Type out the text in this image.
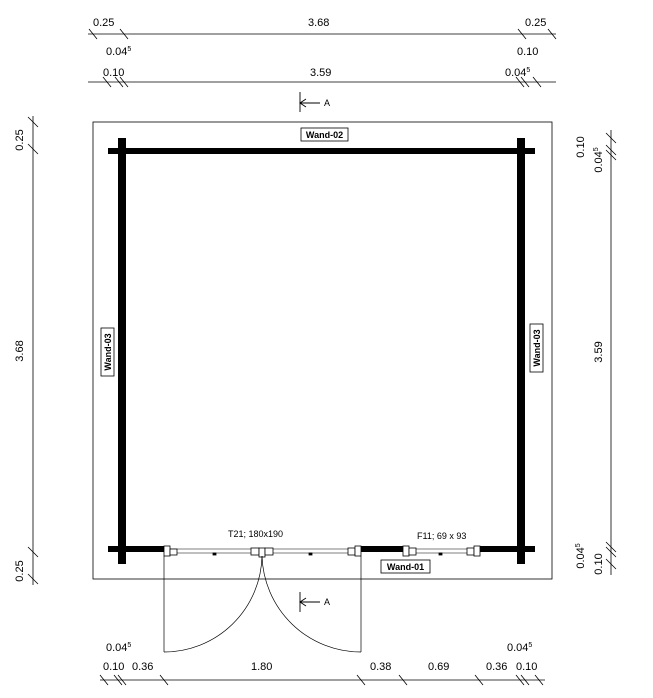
0.25	3.68	0.25
0.04$^5$	0.10
0.10	3.59	0.04$^5$
A
T21; 180x190	F11; 69 x 93
Wand-02
Wand-01
Wand-03	Wand-03
0.25
3.68
0.25
0.10
0.04$^5$
3.59
0.04$^5$
0.10
A
0.04$^5$	0.04$^5$
0.10 0.36	1.80	0.38	0.69	0.36 0.10
